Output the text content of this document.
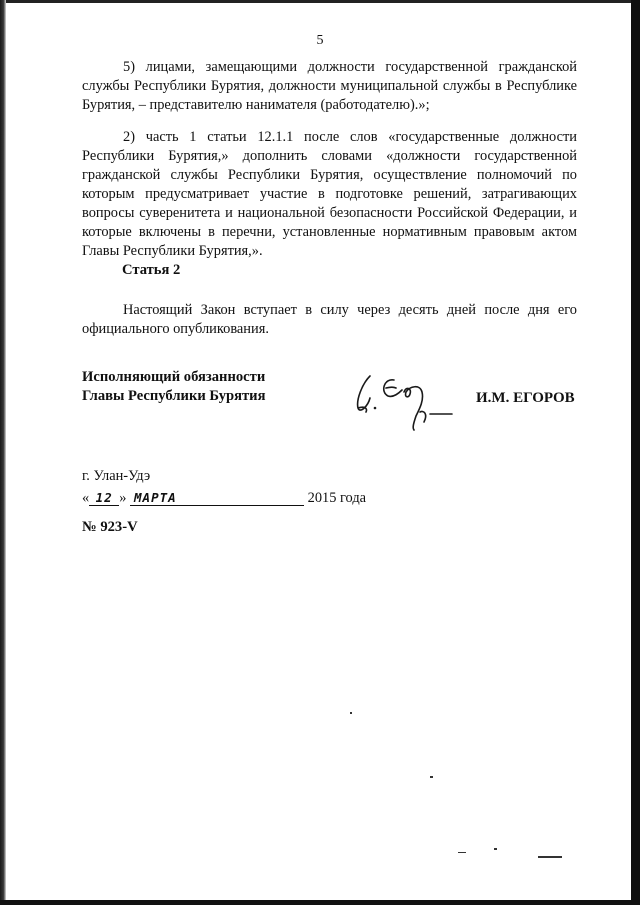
5
5) лицами, замещающими должности государственной гражданской службы Республики Бурятия, должности муниципальной службы в Республике Бурятия, – представителю нанимателя (работодателю).»;
2) часть 1 статьи 12.1.1 после слов «государственные должности Республики Бурятия,» дополнить словами «должности государственной гражданской службы Республики Бурятия, осуществление полномочий по которым предусматривает участие в подготовке решений, затрагивающих вопросы суверенитета и национальной безопасности Российской Федерации, и которые включены в перечни, установленные нормативным правовым актом Главы Республики Бурятия,».
Статья 2
Настоящий Закон вступает в силу через десять дней после дня его официального опубликования.
Исполняющий обязанности
Главы Республики Бурятия	И.М. ЕГОРОВ
г. Улан-Удэ
« 12 » МАРТА	2015 года
№ 923-V
